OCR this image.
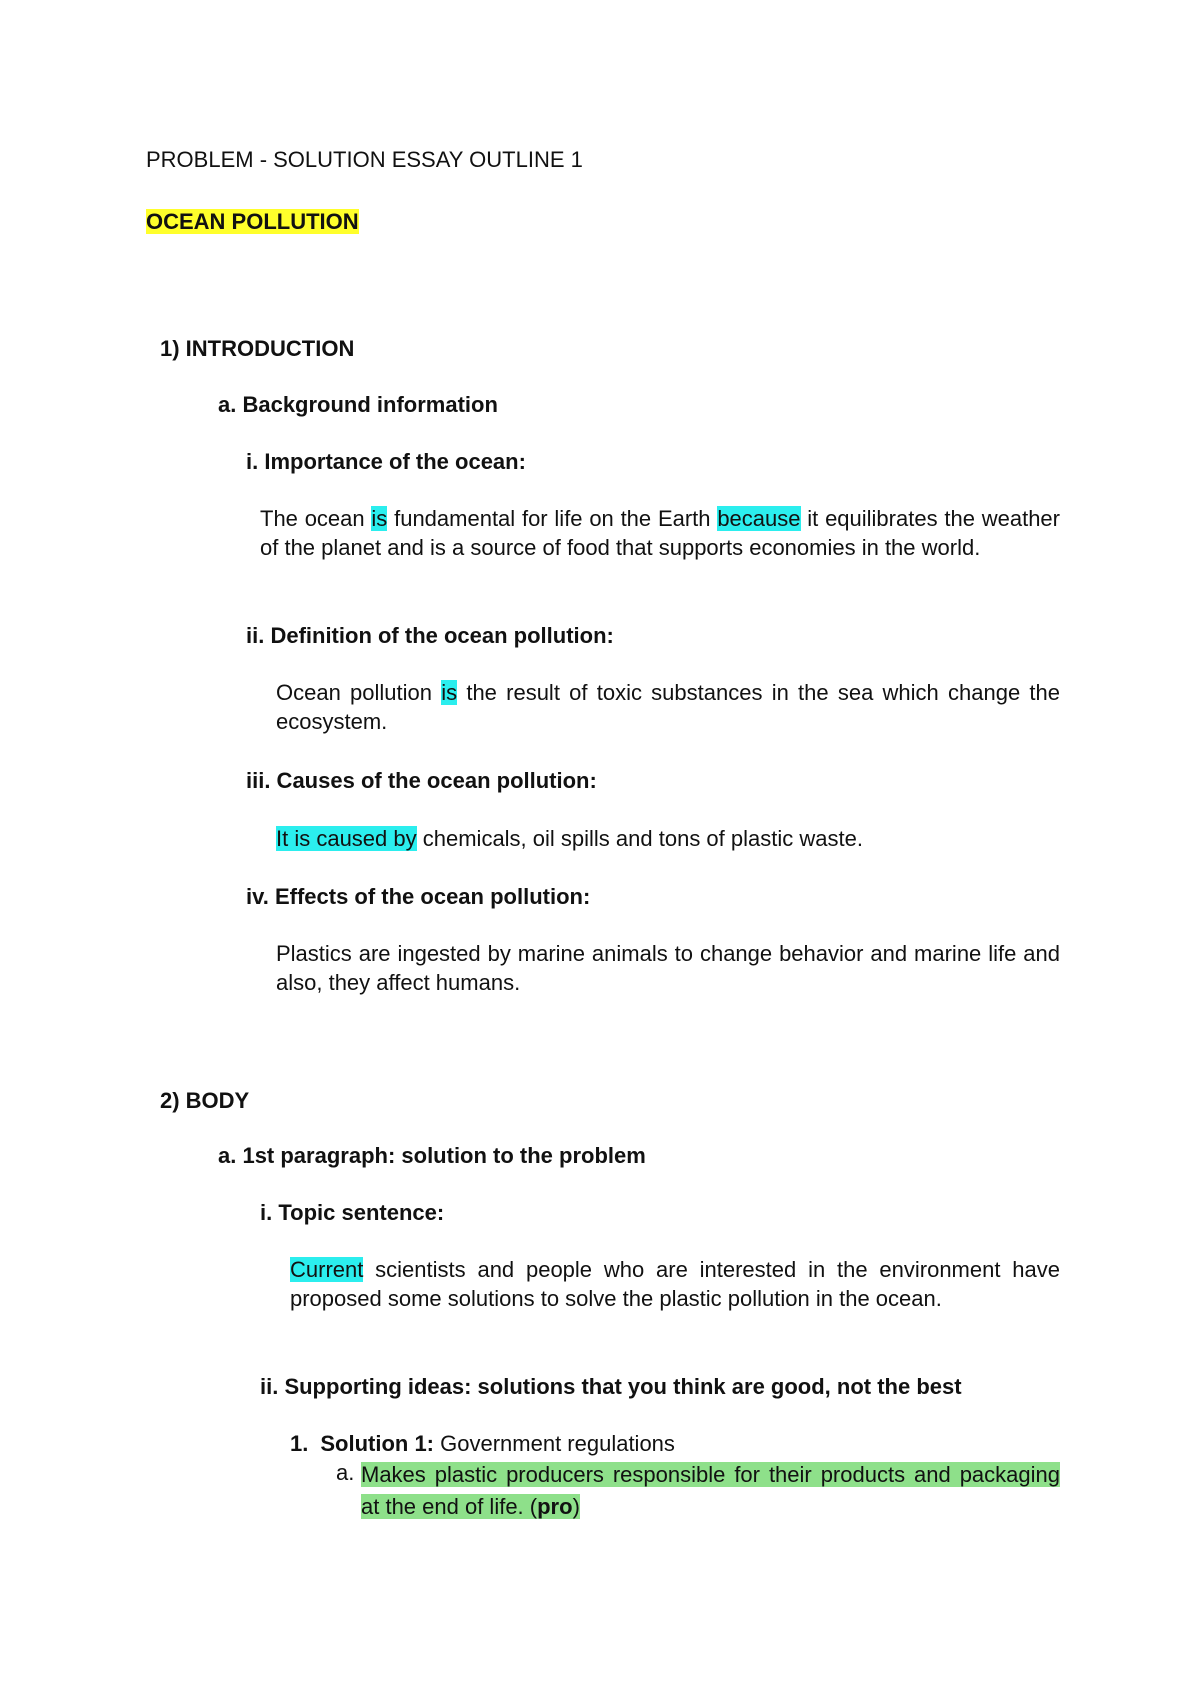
PROBLEM - SOLUTION ESSAY OUTLINE 1
OCEAN POLLUTION
1) INTRODUCTION
a. Background information
i. Importance of the ocean:
The ocean is fundamental for life on the Earth because it equilibrates the weather of the planet and is a source of food that supports economies in the world.
ii. Definition of the ocean pollution:
Ocean pollution is the result of toxic substances in the sea which change the ecosystem.
iii. Causes of the ocean pollution:
It is caused by chemicals, oil spills and tons of plastic waste.
iv. Effects of the ocean pollution:
Plastics are ingested by marine animals to change behavior and marine life and also, they affect humans.
2) BODY
a. 1st paragraph: solution to the problem
i. Topic sentence:
Current scientists and people who are interested in the environment have proposed some solutions to solve the plastic pollution in the ocean.
ii. Supporting ideas: solutions that you think are good, not the best
1. Solution 1: Government regulations
a. Makes plastic producers responsible for their products and packaging at the end of life. (pro)
